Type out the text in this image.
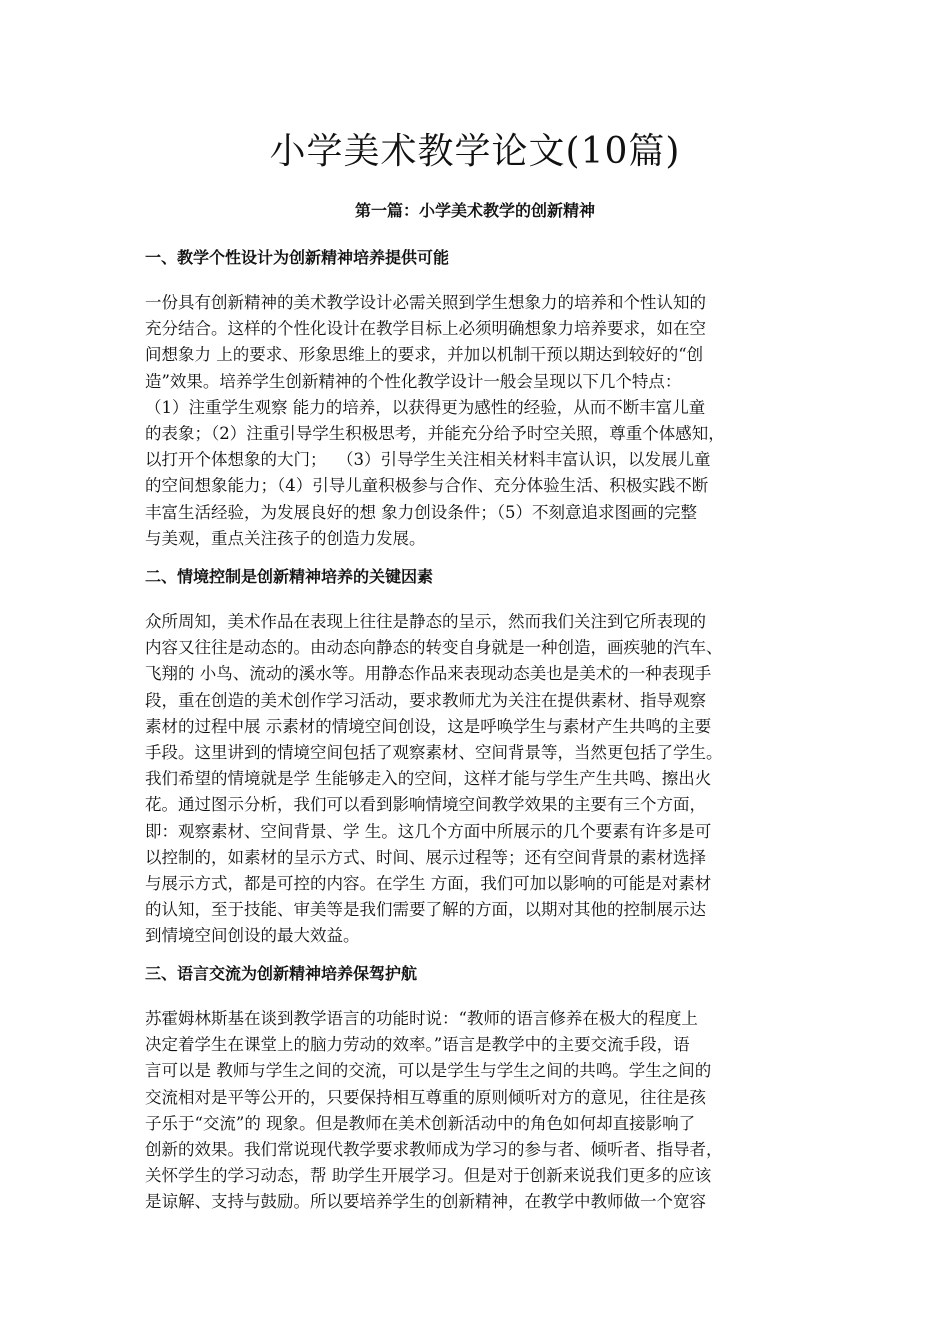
小学美术教学论文(10篇)
第一篇：小学美术教学的创新精神
一、教学个性设计为创新精神培养提供可能
一份具有创新精神的美术教学设计必需关照到学生想象力的培养和个性认知的
充分结合。这样的个性化设计在教学目标上必须明确想象力培养要求，如在空
间想象力 上的要求、形象思维上的要求，并加以机制干预以期达到较好的“创
造”效果。培养学生创新精神的个性化教学设计一般会呈现以下几个特点：
（1）注重学生观察 能力的培养，以获得更为感性的经验，从而不断丰富儿童
的表象；（2）注重引导学生积极思考，并能充分给予时空关照，尊重个体感知，
以打开个体想象的大门；  （3）引导学生关注相关材料丰富认识，以发展儿童
的空间想象能力；（4）引导儿童积极参与合作、充分体验生活、积极实践不断
丰富生活经验，为发展良好的想 象力创设条件；（5）不刻意追求图画的完整
与美观，重点关注孩子的创造力发展。
二、情境控制是创新精神培养的关键因素
众所周知，美术作品在表现上往往是静态的呈示，然而我们关注到它所表现的
内容又往往是动态的。由动态向静态的转变自身就是一种创造，画疾驰的汽车、
飞翔的 小鸟、流动的溪水等。用静态作品来表现动态美也是美术的一种表现手
段，重在创造的美术创作学习活动，要求教师尤为关注在提供素材、指导观察
素材的过程中展 示素材的情境空间创设，这是呼唤学生与素材产生共鸣的主要
手段。这里讲到的情境空间包括了观察素材、空间背景等，当然更包括了学生。
我们希望的情境就是学 生能够走入的空间，这样才能与学生产生共鸣、擦出火
花。通过图示分析，我们可以看到影响情境空间教学效果的主要有三个方面，
即：观察素材、空间背景、学 生。这几个方面中所展示的几个要素有许多是可
以控制的，如素材的呈示方式、时间、展示过程等；还有空间背景的素材选择
与展示方式，都是可控的内容。在学生 方面，我们可加以影响的可能是对素材
的认知，至于技能、审美等是我们需要了解的方面，以期对其他的控制展示达
到情境空间创设的最大效益。
三、语言交流为创新精神培养保驾护航
苏霍姆林斯基在谈到教学语言的功能时说：“教师的语言修养在极大的程度上
决定着学生在课堂上的脑力劳动的效率。”语言是教学中的主要交流手段，语
言可以是 教师与学生之间的交流，可以是学生与学生之间的共鸣。学生之间的
交流相对是平等公开的，只要保持相互尊重的原则倾听对方的意见，往往是孩
子乐于“交流”的 现象。但是教师在美术创新活动中的角色如何却直接影响了
创新的效果。我们常说现代教学要求教师成为学习的参与者、倾听者、指导者，
关怀学生的学习动态，帮 助学生开展学习。但是对于创新来说我们更多的应该
是谅解、支持与鼓励。所以要培养学生的创新精神，在教学中教师做一个宽容
